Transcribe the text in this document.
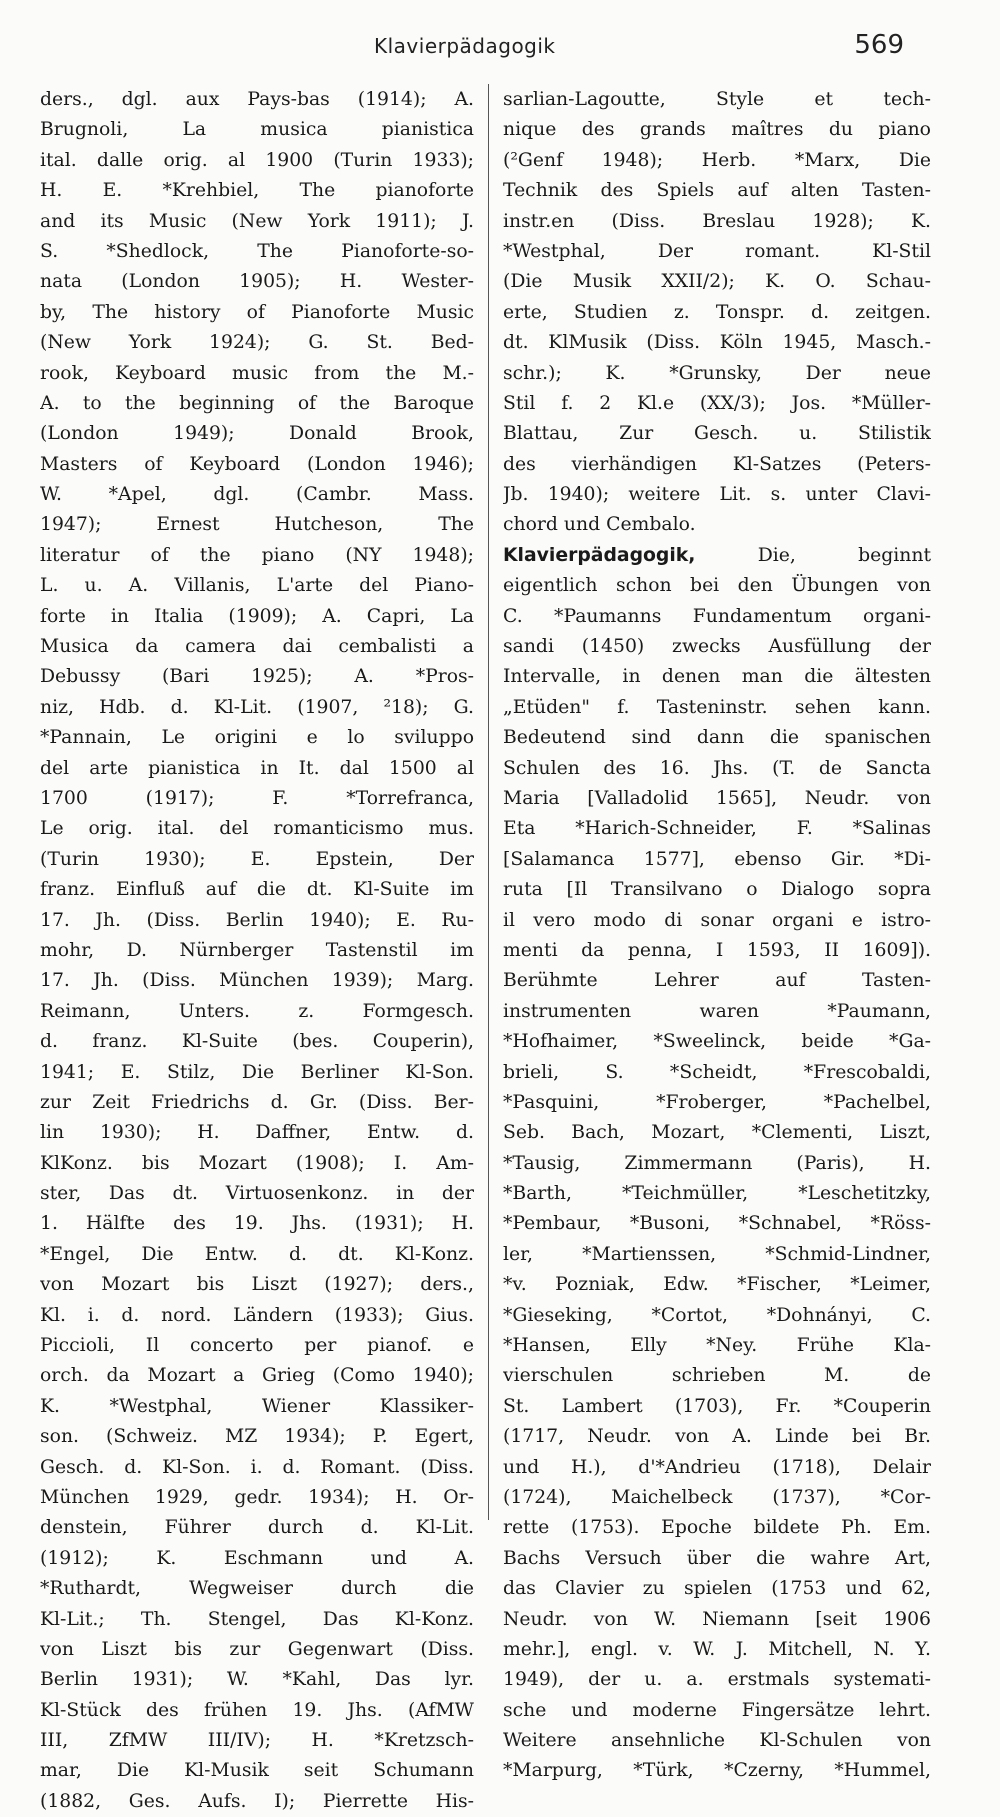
Klavierpädagogik	569
ders., dgl. aux Pays-bas (1914); A.
Brugnoli, La musica pianistica
ital. dalle orig. al 1900 (Turin 1933);
H. E. *Krehbiel, The pianoforte
and its Music (New York 1911); J.
S. *Shedlock, The Pianoforte-so-
nata (London 1905); H. Wester-
by, The history of Pianoforte Music
(New York 1924); G. St. Bed-
rook, Keyboard music from the M.-
A. to the beginning of the Baroque
(London 1949); Donald Brook,
Masters of Keyboard (London 1946);
W. *Apel, dgl. (Cambr. Mass.
1947); Ernest Hutcheson, The
literatur of the piano (NY 1948);
L. u. A. Villanis, L'arte del Piano-
forte in Italia (1909); A. Capri, La
Musica da camera dai cembalisti a
Debussy (Bari 1925); A. *Pros-
niz, Hdb. d. Kl-Lit. (1907, ²18); G.
*Pannain, Le origini e lo sviluppo
del arte pianistica in It. dal 1500 al
1700 (1917); F. *Torrefranca,
Le orig. ital. del romanticismo mus.
(Turin 1930); E. Epstein, Der
franz. Einfluß auf die dt. Kl-Suite im
17. Jh. (Diss. Berlin 1940); E. Ru-
mohr, D. Nürnberger Tastenstil im
17. Jh. (Diss. München 1939); Marg.
Reimann, Unters. z. Formgesch.
d. franz. Kl-Suite (bes. Couperin),
1941; E. Stilz, Die Berliner Kl-Son.
zur Zeit Friedrichs d. Gr. (Diss. Ber-
lin 1930); H. Daffner, Entw. d.
KlKonz. bis Mozart (1908); I. Am-
ster, Das dt. Virtuosenkonz. in der
1. Hälfte des 19. Jhs. (1931); H.
*Engel, Die Entw. d. dt. Kl-Konz.
von Mozart bis Liszt (1927); ders.,
Kl. i. d. nord. Ländern (1933); Gius.
Piccioli, Il concerto per pianof. e
orch. da Mozart a Grieg (Como 1940);
K. *Westphal, Wiener Klassiker-
son. (Schweiz. MZ 1934); P. Egert,
Gesch. d. Kl-Son. i. d. Romant. (Diss.
München 1929, gedr. 1934); H. Or-
denstein, Führer durch d. Kl-Lit.
(1912); K. Eschmann und A.
*Ruthardt, Wegweiser durch die
Kl-Lit.; Th. Stengel, Das Kl-Konz.
von Liszt bis zur Gegenwart (Diss.
Berlin 1931); W. *Kahl, Das lyr.
Kl-Stück des frühen 19. Jhs. (AfMW
III, ZfMW III/IV); H. *Kretzsch-
mar, Die Kl-Musik seit Schumann
(1882, Ges. Aufs. I); Pierrette His-
sarlian-Lagoutte, Style et tech-
nique des grands maîtres du piano
(²Genf 1948); Herb. *Marx, Die
Technik des Spiels auf alten Tasten-
instr.en (Diss. Breslau 1928); K.
*Westphal, Der romant. Kl-Stil
(Die Musik XXII/2); K. O. Schau-
erte, Studien z. Tonspr. d. zeitgen.
dt. KlMusik (Diss. Köln 1945, Masch.-
schr.); K. *Grunsky, Der neue
Stil f. 2 Kl.e (XX/3); Jos. *Müller-
Blattau, Zur Gesch. u. Stilistik
des vierhändigen Kl-Satzes (Peters-
Jb. 1940); weitere Lit. s. unter Clavi-
chord und Cembalo.
Klavierpädagogik, Die, beginnt
eigentlich schon bei den Übungen von
C. *Paumanns Fundamentum organi-
sandi (1450) zwecks Ausfüllung der
Intervalle, in denen man die ältesten
„Etüden" f. Tasteninstr. sehen kann.
Bedeutend sind dann die spanischen
Schulen des 16. Jhs. (T. de Sancta
Maria [Valladolid 1565], Neudr. von
Eta *Harich-Schneider, F. *Salinas
[Salamanca 1577], ebenso Gir. *Di-
ruta [Il Transilvano o Dialogo sopra
il vero modo di sonar organi e istro-
menti da penna, I 1593, II 1609]).
Berühmte Lehrer auf Tasten-
instrumenten waren *Paumann,
*Hofhaimer, *Sweelinck, beide *Ga-
brieli, S. *Scheidt, *Frescobaldi,
*Pasquini, *Froberger, *Pachelbel,
Seb. Bach, Mozart, *Clementi, Liszt,
*Tausig, Zimmermann (Paris), H.
*Barth, *Teichmüller, *Leschetitzky,
*Pembaur, *Busoni, *Schnabel, *Röss-
ler, *Martienssen, *Schmid-Lindner,
*v. Pozniak, Edw. *Fischer, *Leimer,
*Gieseking, *Cortot, *Dohnányi, C.
*Hansen, Elly *Ney. Frühe Kla-
vierschulen schrieben M. de
St. Lambert (1703), Fr. *Couperin
(1717, Neudr. von A. Linde bei Br.
und H.), d'*Andrieu (1718), Delair
(1724), Maichelbeck (1737), *Cor-
rette (1753). Epoche bildete Ph. Em.
Bachs Versuch über die wahre Art,
das Clavier zu spielen (1753 und 62,
Neudr. von W. Niemann [seit 1906
mehr.], engl. v. W. J. Mitchell, N. Y.
1949), der u. a. erstmals systemati-
sche und moderne Fingersätze lehrt.
Weitere ansehnliche Kl-Schulen von
*Marpurg, *Türk, *Czerny, *Hummel,
